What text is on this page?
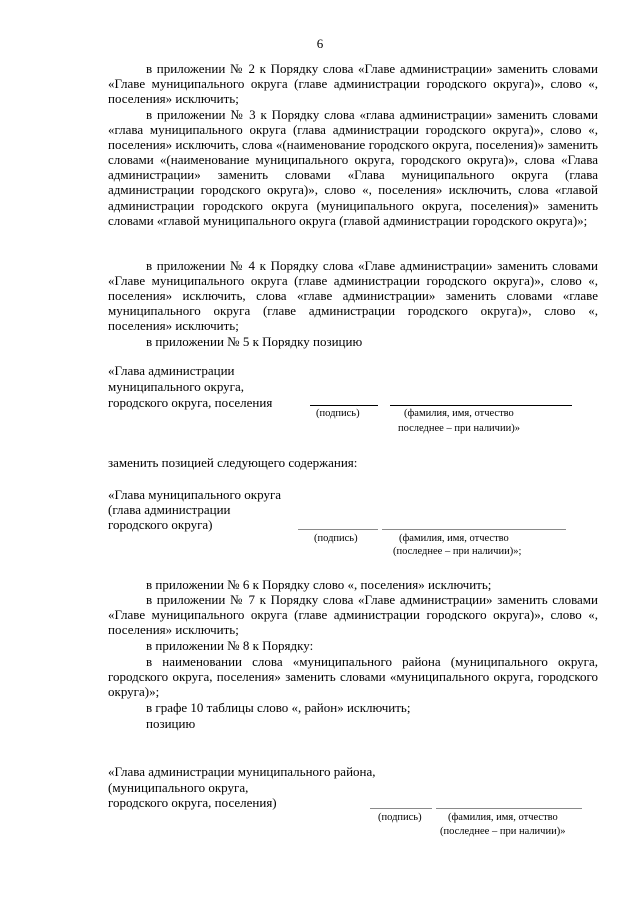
6
в приложении № 2 к Порядку слова «Главе администрации» заменить словами «Главе муниципального округа (главе администрации городского округа)», слово «, поселения» исключить;
в приложении № 3 к Порядку слова «глава администрации» заменить словами «глава муниципального округа (глава администрации городского округа)», слово «, поселения» исключить, слова «(наименование городского округа, поселения)» заменить словами «(наименование муниципального округа, городского округа)», слова «Глава администрации» заменить словами «Глава муниципального округа (глава администрации городского округа)», слово «, поселения» исключить, слова «главой администрации городского округа (муниципального округа, поселения)» заменить словами «главой муниципального округа (главой администрации городского округа)»;
в приложении № 4 к Порядку слова «Главе администрации» заменить словами «Главе муниципального округа (главе администрации городского округа)», слово «, поселения» исключить, слова «главе администрации» заменить словами «главе муниципального округа (главе администрации городского округа)», слово «, поселения» исключить;
в приложении № 5 к Порядку позицию
«Глава администрации
муниципального округа,
городского округа, поселения
(подпись)	(фамилия, имя, отчество
последнее – при наличии)»
заменить позицией следующего содержания:
«Глава муниципального округа
(глава администрации
городского округа)
(подпись)	(фамилия, имя, отчество
(последнее – при наличии)»;
в приложении № 6 к Порядку слово «, поселения» исключить;
в приложении № 7 к Порядку слова «Главе администрации» заменить словами «Главе муниципального округа (главе администрации городского округа)», слово «, поселения» исключить;
в приложении № 8 к Порядку:
в наименовании слова «муниципального района (муниципального округа, городского округа, поселения» заменить словами «муниципального округа, городского округа)»;
в графе 10 таблицы слово «, район» исключить;
позицию
«Глава администрации муниципального района,
(муниципального округа,
городского округа, поселения)
(подпись)	(фамилия, имя, отчество
(последнее – при наличии)»
